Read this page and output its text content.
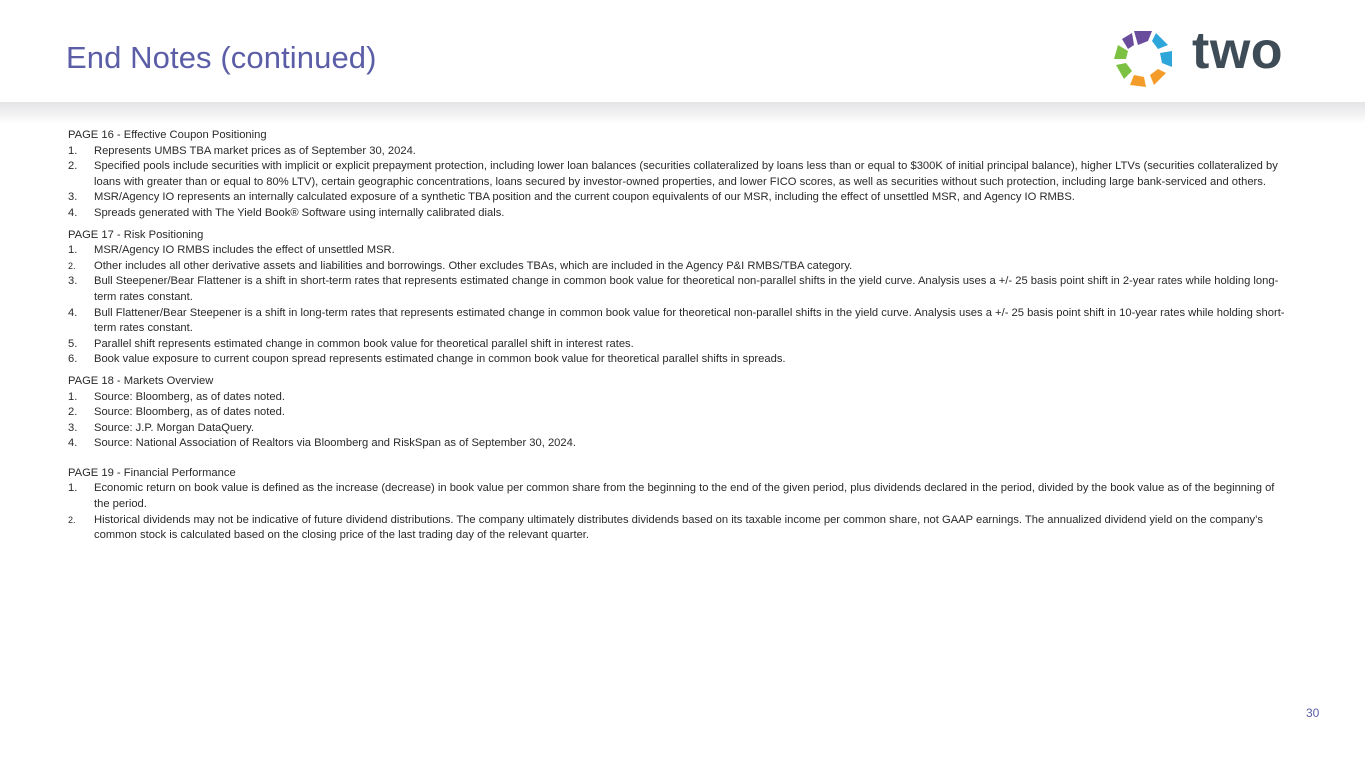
End Notes (continued)	two
PAGE 16 - Effective Coupon Positioning
1.	Represents UMBS TBA market prices as of September 30, 2024.
2.	Specified pools include securities with implicit or explicit prepayment protection, including lower loan balances (securities collateralized by loans less than or equal to $300K of initial principal balance), higher LTVs (securities collateralized by loans with greater than or equal to 80% LTV), certain geographic concentrations, loans secured by investor-owned properties, and lower FICO scores, as well as securities without such protection, including large bank-serviced and others.
3.	MSR/Agency IO represents an internally calculated exposure of a synthetic TBA position and the current coupon equivalents of our MSR, including the effect of unsettled MSR, and Agency IO RMBS.
4.	Spreads generated with The Yield Book® Software using internally calibrated dials.
PAGE 17 - Risk Positioning
1.	MSR/Agency IO RMBS includes the effect of unsettled MSR.
2.	Other includes all other derivative assets and liabilities and borrowings. Other excludes TBAs, which are included in the Agency P&I RMBS/TBA category.
3.	Bull Steepener/Bear Flattener is a shift in short-term rates that represents estimated change in common book value for theoretical non-parallel shifts in the yield curve. Analysis uses a +/- 25 basis point shift in 2-year rates while holding long-term rates constant.
4.	Bull Flattener/Bear Steepener is a shift in long-term rates that represents estimated change in common book value for theoretical non-parallel shifts in the yield curve. Analysis uses a +/- 25 basis point shift in 10-year rates while holding short-term rates constant.
5.	Parallel shift represents estimated change in common book value for theoretical parallel shift in interest rates.
6.	Book value exposure to current coupon spread represents estimated change in common book value for theoretical parallel shifts in spreads.
PAGE 18 - Markets Overview
1.	Source: Bloomberg, as of dates noted.
2.	Source: Bloomberg, as of dates noted.
3.	Source: J.P. Morgan DataQuery.
4.	Source: National Association of Realtors via Bloomberg and RiskSpan as of September 30, 2024.
PAGE 19 - Financial Performance
1.	Economic return on book value is defined as the increase (decrease) in book value per common share from the beginning to the end of the given period, plus dividends declared in the period, divided by the book value as of the beginning of the period.
2.	Historical dividends may not be indicative of future dividend distributions. The company ultimately distributes dividends based on its taxable income per common share, not GAAP earnings. The annualized dividend yield on the company’s common stock is calculated based on the closing price of the last trading day of the relevant quarter.
30
